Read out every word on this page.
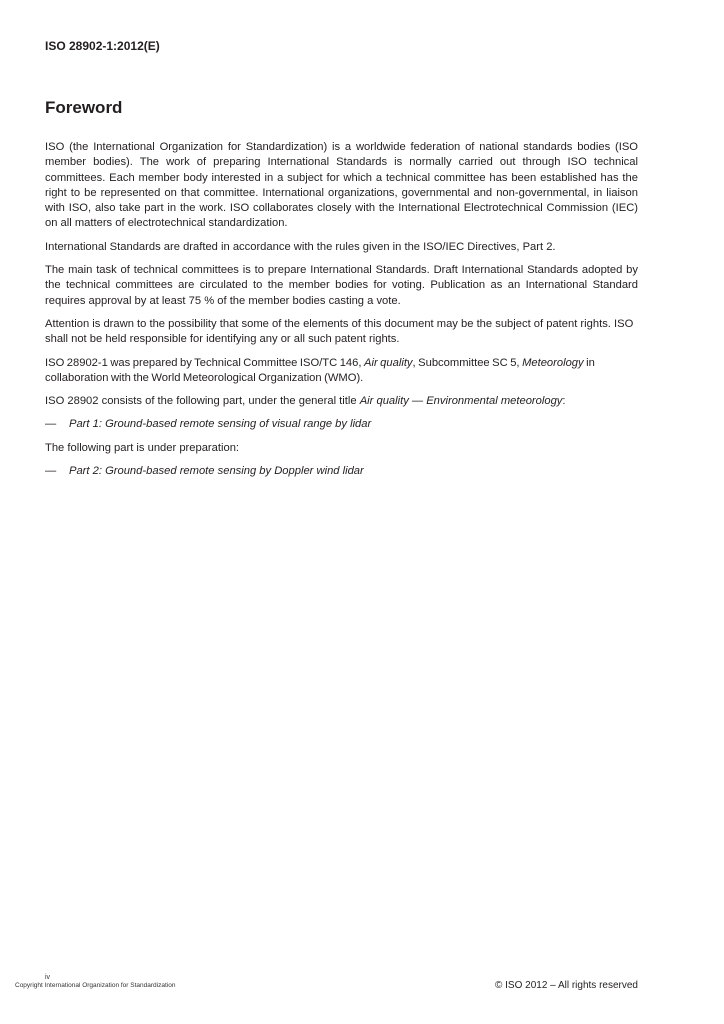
ISO 28902-1:2012(E)
Foreword

ISO (the International Organization for Standardization) is a worldwide federation of national standards bodies (ISO member bodies). The work of preparing International Standards is normally carried out through ISO technical committees. Each member body interested in a subject for which a technical committee has been established has the right to be represented on that committee. International organizations, governmental and non-governmental, in liaison with ISO, also take part in the work. ISO collaborates closely with the International Electrotechnical Commission (IEC) on all matters of electrotechnical standardization.

International Standards are drafted in accordance with the rules given in the ISO/IEC Directives, Part 2.

The main task of technical committees is to prepare International Standards. Draft International Standards adopted by the technical committees are circulated to the member bodies for voting. Publication as an International Standard requires approval by at least 75 % of the member bodies casting a vote.

Attention is drawn to the possibility that some of the elements of this document may be the subject of patent rights. ISO shall not be held responsible for identifying any or all such patent rights.

ISO 28902-1 was prepared by Technical Committee ISO/TC 146, Air quality, Subcommittee SC 5, Meteorology in collaboration with the World Meteorological Organization (WMO).

ISO 28902 consists of the following part, under the general title Air quality — Environmental meteorology:

—	Part 1: Ground-based remote sensing of visual range by lidar

The following part is under preparation:

—	Part 2: Ground-based remote sensing by Doppler wind lidar
iv
Copyright International Organization for Standardization	© ISO 2012 – All rights reserved
